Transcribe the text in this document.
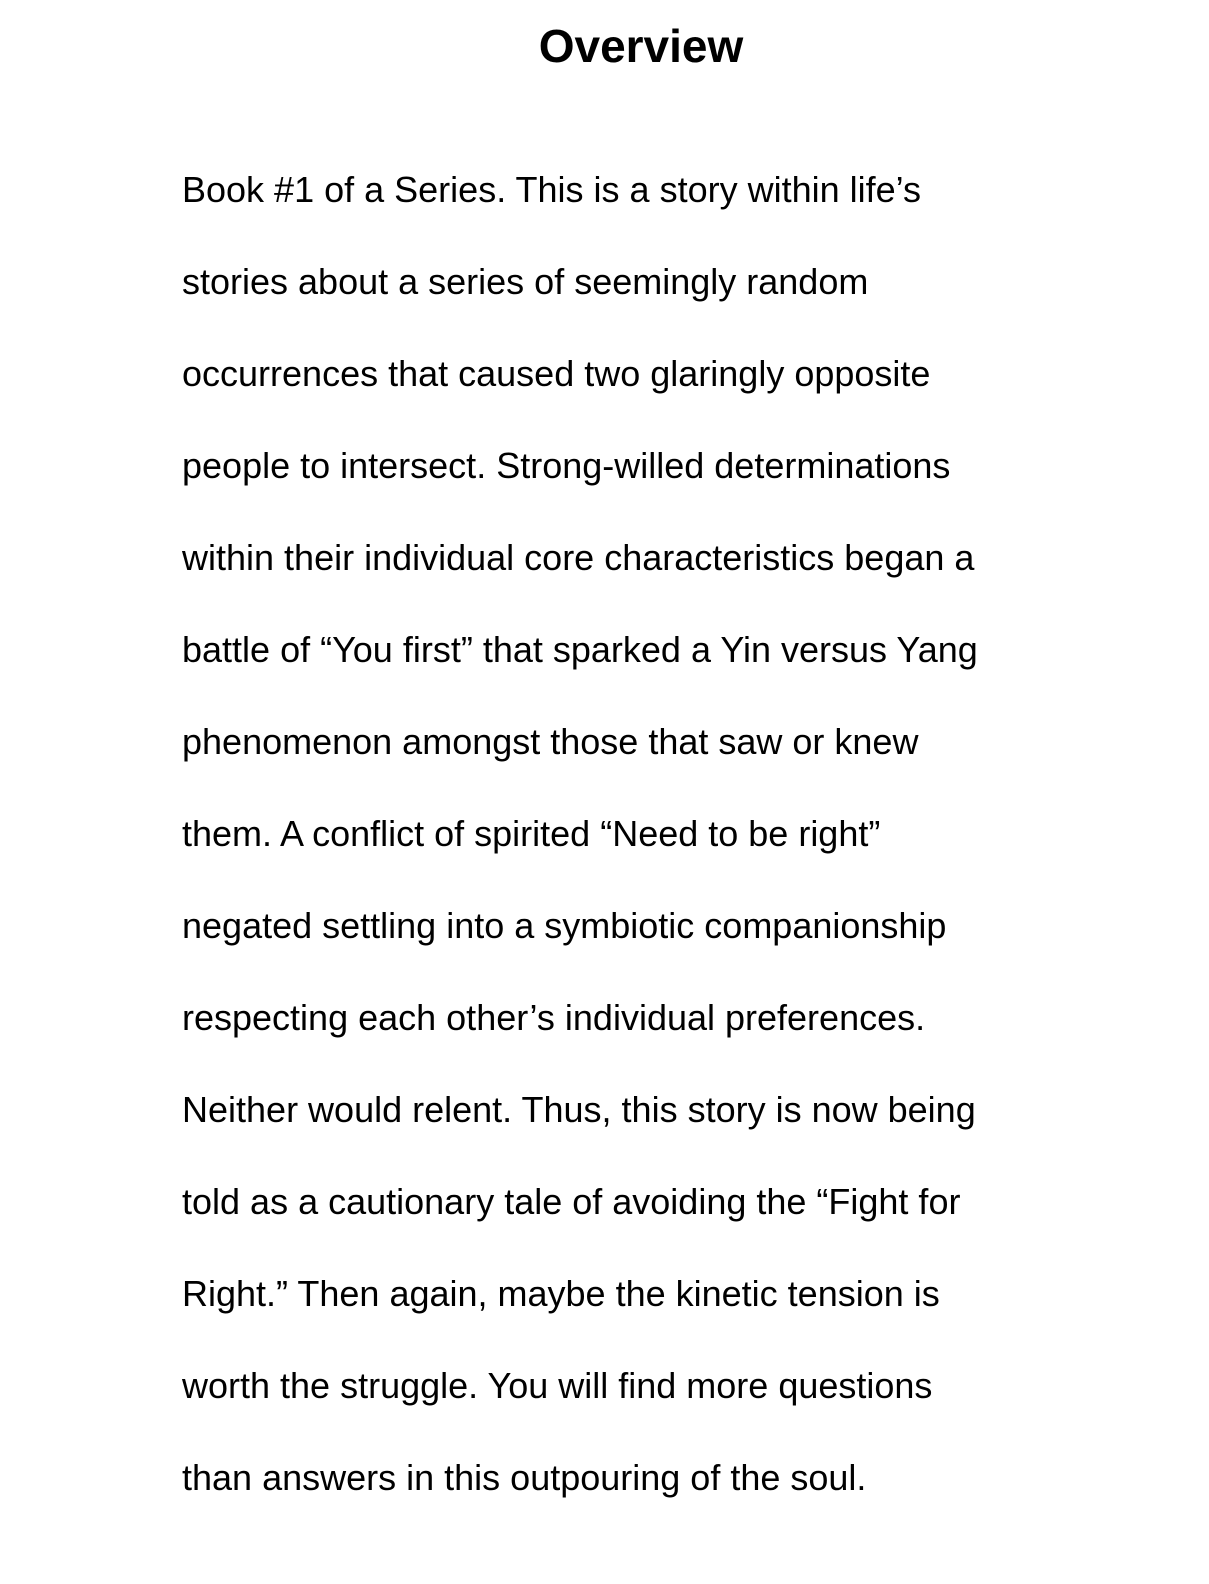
Overview
Book #1 of a Series. This is a story within life’s
stories about a series of seemingly random
occurrences that caused two glaringly opposite
people to intersect. Strong-willed determinations
within their individual core characteristics began a
battle of “You first” that sparked a Yin versus Yang
phenomenon amongst those that saw or knew
them. A conflict of spirited “Need to be right”
negated settling into a symbiotic companionship
respecting each other’s individual preferences.
Neither would relent. Thus, this story is now being
told as a cautionary tale of avoiding the “Fight for
Right.” Then again, maybe the kinetic tension is
worth the struggle. You will find more questions
than answers in this outpouring of the soul.
